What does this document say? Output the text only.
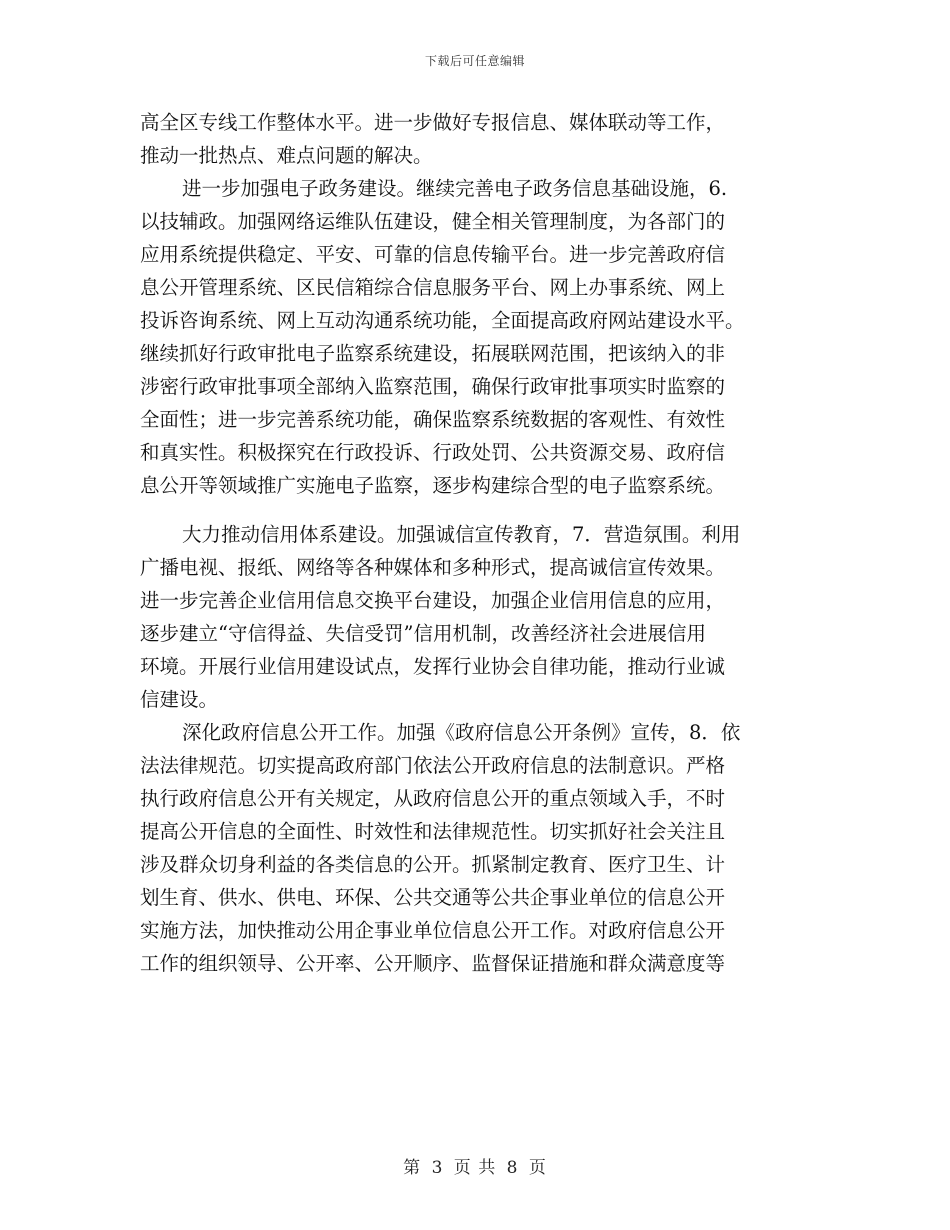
下载后可任意编辑
高全区专线工作整体水平。进一步做好专报信息、媒体联动等工作，
推动一批热点、难点问题的解决。
进一步加强电子政务建设。继续完善电子政务信息基础设施，6.
以技辅政。加强网络运维队伍建设，健全相关管理制度，为各部门的
应用系统提供稳定、平安、可靠的信息传输平台。进一步完善政府信
息公开管理系统、区民信箱综合信息服务平台、网上办事系统、网上
投诉咨询系统、网上互动沟通系统功能，全面提高政府网站建设水平。
继续抓好行政审批电子监察系统建设，拓展联网范围，把该纳入的非
涉密行政审批事项全部纳入监察范围，确保行政审批事项实时监察的
全面性；进一步完善系统功能，确保监察系统数据的客观性、有效性
和真实性。积极探究在行政投诉、行政处罚、公共资源交易、政府信
息公开等领域推广实施电子监察，逐步构建综合型的电子监察系统。
大力推动信用体系建设。加强诚信宣传教育，7．营造氛围。利用
广播电视、报纸、网络等各种媒体和多种形式，提高诚信宣传效果。
进一步完善企业信用信息交换平台建设，加强企业信用信息的应用，
逐步建立“守信得益、失信受罚”信用机制，改善经济社会进展信用
环境。开展行业信用建设试点，发挥行业协会自律功能，推动行业诚
信建设。
深化政府信息公开工作。加强《政府信息公开条例》宣传，8．依
法法律规范。切实提高政府部门依法公开政府信息的法制意识。严格
执行政府信息公开有关规定，从政府信息公开的重点领域入手，不时
提高公开信息的全面性、时效性和法律规范性。切实抓好社会关注且
涉及群众切身利益的各类信息的公开。抓紧制定教育、医疗卫生、计
划生育、供水、供电、环保、公共交通等公共企事业单位的信息公开
实施方法，加快推动公用企事业单位信息公开工作。对政府信息公开
工作的组织领导、公开率、公开顺序、监督保证措施和群众满意度等
第 3 页 共 8 页
